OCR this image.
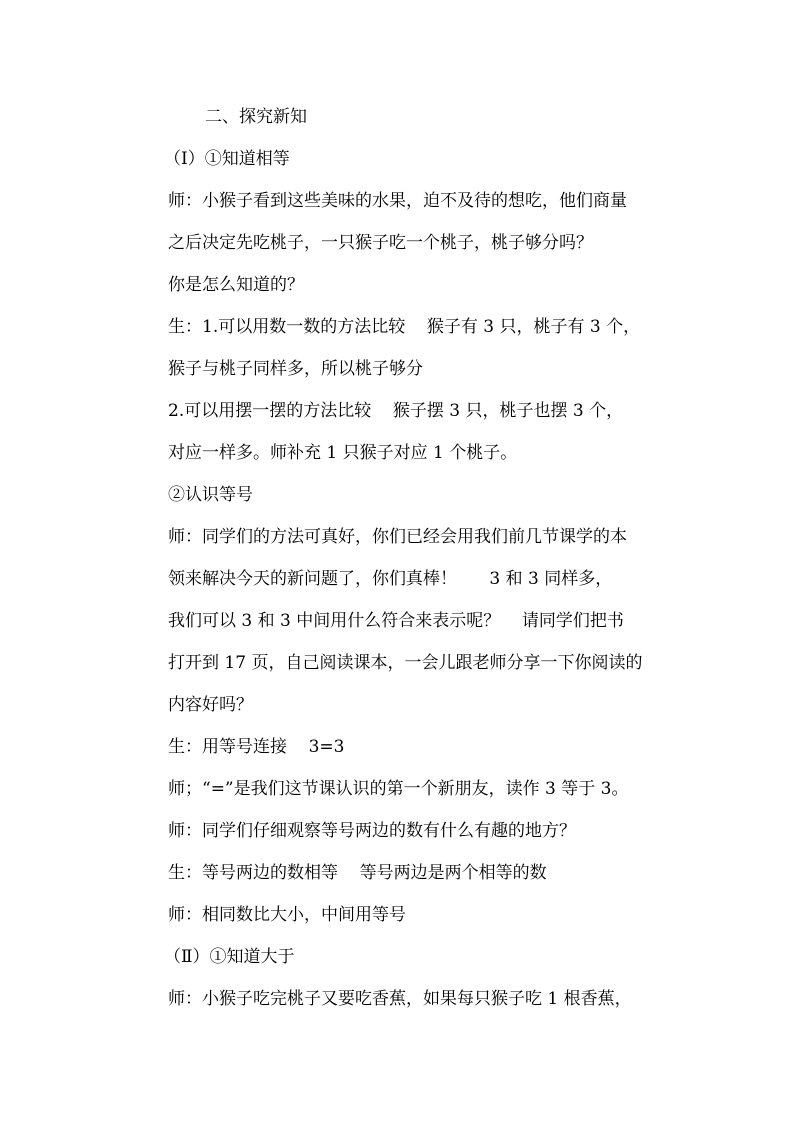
二、探究新知
（Ⅰ）①知道相等
师：小猴子看到这些美味的水果，迫不及待的想吃，他们商量
之后决定先吃桃子，一只猴子吃一个桃子，桃子够分吗？
你是怎么知道的？
生：1.可以用数一数的方法比较    猴子有 3 只，桃子有 3 个，
猴子与桃子同样多，所以桃子够分
2.可以用摆一摆的方法比较    猴子摆 3 只，桃子也摆 3 个，
对应一样多。师补充 1 只猴子对应 1 个桃子。
②认识等号
师：同学们的方法可真好，你们已经会用我们前几节课学的本
领来解决今天的新问题了，你们真棒！      3 和 3 同样多，
我们可以 3 和 3 中间用什么符合来表示呢？    请同学们把书
打开到 17 页，自己阅读课本，一会儿跟老师分享一下你阅读的
内容好吗？
生：用等号连接    3=3
师；“=”是我们这节课认识的第一个新朋友，读作 3 等于 3。
师：同学们仔细观察等号两边的数有什么有趣的地方？
生：等号两边的数相等    等号两边是两个相等的数
师：相同数比大小，中间用等号
（Ⅱ）①知道大于
师：小猴子吃完桃子又要吃香蕉，如果每只猴子吃 1 根香蕉，
